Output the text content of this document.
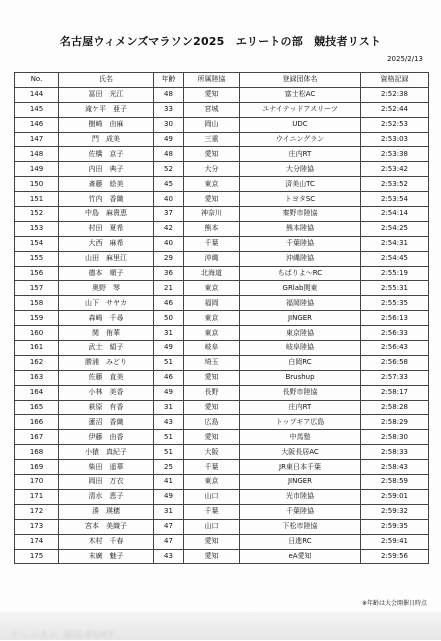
名古屋ウィメンズマラソン2025　エリートの部　競技者リスト
2025/2/13
No.	氏名	年齢	所属陸協	登録団体名	資格記録
144	冨田　光江	48	愛知	富士松AC	2:52:38
145	滝ケ平　亜子	33	宮城	ユナイテッドアスリーツ	2:52:44
146	樹崎　由麻	30	岡山	UDC	2:52:53
147	門　成美	49	三重	ウイニングラン	2:53:03
148	佐橋　京子	48	愛知	庄内RT	2:53:38
149	内田　典子	52	大分	大分陸協	2:53:42
150	斎藤　絵美	45	東京	済美山TC	2:53:52
151	竹内　香織	40	愛知	トヨタSC	2:53:54
152	中島　麻貴恵	37	神奈川	秦野市陸協	2:54:14
153	村田　夏希	42	熊本	熊本陸協	2:54:25
154	大西　麻希	40	千葉	千葉陸協	2:54:31
155	山田　麻里江	29	沖縄	沖縄陸協	2:54:45
156	德本　順子	36	北海道	ちばりよ～RC	2:55:19
157	奥野　琴	21	東京	GRlab関東	2:55:31
158	山下　サヤカ	46	福岡	福岡陸協	2:55:35
159	森崎　千尋	50	東京	JINGER	2:56:13
160	関　侑華	31	東京	東京陸協	2:56:33
161	武士　絹子	49	岐阜	岐阜陸協	2:56:43
162	勝浦　みどり	51	埼玉	白岡RC	2:56:58
163	佐藤　直美	46	愛知	Brushup	2:57:33
164	小林　美香	49	長野	長野市陸協	2:58:17
165	萩原　有香	31	愛知	庄内RT	2:58:28
166	蓮沼　香織	43	広島	トップギア広島	2:58:29
167	伊藤　由香	51	愛知	中馬塾	2:58:30
168	小猿　真紀子	51	大阪	大阪長居AC	2:58:33
169	柴田　遥華	25	千葉	JR東日本千葉	2:58:43
170	岡田　万衣	41	東京	JINGER	2:58:59
171	清水　恵子	49	山口	光市陸協	2:59:01
172	湊　瑛穂	31	千葉	千葉陸協	2:59:32
173	宮本　美織子	47	山口	下松市陸協	2:59:35
174	木村　千春	47	愛知	日進RC	2:59:41
175	末廣　魅子	43	愛知	eA愛知	2:59:56
※年齢は大会開催日時点
チャンネル 競技者ORT
